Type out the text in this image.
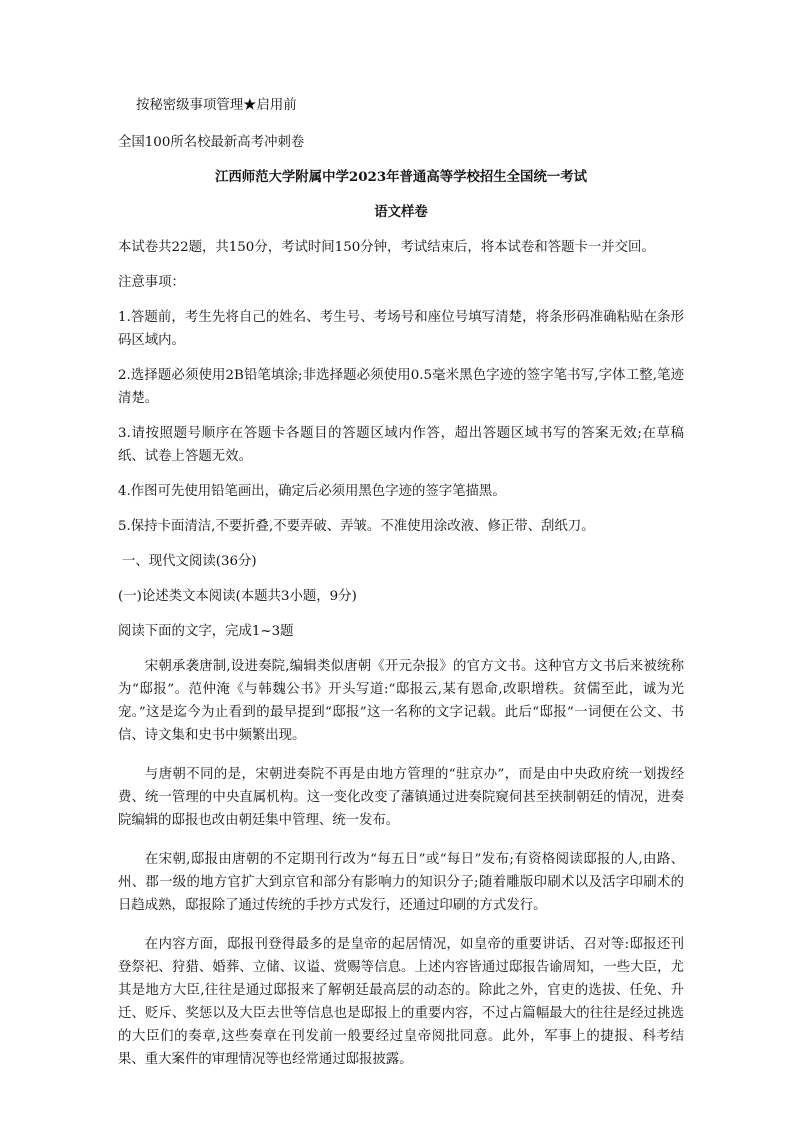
按秘密级事项管理★启用前

全国100所名校最新高考冲刺卷

江西师范大学附属中学2023年普通高等学校招生全国统一考试

语文样卷

本试卷共22题，共150分，考试时间150分钟，考试结束后，将本试卷和答题卡一并交回。

注意事项：

1.答题前，考生先将自己的姓名、考生号、考场号和座位号填写清楚，将条形码准确粘贴在条形码区域内。

2.选择题必须使用2B铅笔填涂;非选择题必须使用0.5毫米黑色字迹的签字笔书写,字体工整,笔迹清楚。

3.请按照题号顺序在答题卡各题目的答题区域内作答，超出答题区域书写的答案无效;在草稿纸、试卷上答题无效。

4.作图可先使用铅笔画出，确定后必须用黑色字迹的签字笔描黑。

5.保持卡面清洁,不要折叠,不要弄破、弄皱。不准使用涂改液、修正带、刮纸刀。

一、现代文阅读(36分)

(一)论述类文本阅读(本题共3小题，9分)

阅读下面的文字，完成1~3题

宋朝承袭唐制,设进奏院,编辑类似唐朝《开元杂报》的官方文书。这种官方文书后来被统称为“邸报”。范仲淹《与韩魏公书》开头写道:“邸报云,某有恩命,改职增秩。贫儒至此，诚为光宠。”这是迄今为止看到的最早提到“邸报”这一名称的文字记载。此后“邸报”一词便在公文、书信、诗文集和史书中频繁出现。

与唐朝不同的是，宋朝进奏院不再是由地方管理的“驻京办”，而是由中央政府统一划拨经费、统一管理的中央直属机构。这一变化改变了藩镇通过进奏院窥伺甚至挟制朝廷的情况，进奏院编辑的邸报也改由朝廷集中管理、统一发布。

在宋朝,邸报由唐朝的不定期刊行改为“每五日”或“每日”发布;有资格阅读邸报的人,由路、州、郡一级的地方官扩大到京官和部分有影响力的知识分子;随着雕版印刷术以及活字印刷术的日趋成熟，邸报除了通过传统的手抄方式发行，还通过印刷的方式发行。

在内容方面，邸报刊登得最多的是皇帝的起居情况，如皇帝的重要讲话、召对等:邸报还刊登祭祀、狩猎、婚葬、立储、议谥、赏赐等信息。上述内容皆通过邸报告谕周知，一些大臣，尤其是地方大臣,往往是通过邸报来了解朝廷最高层的动态的。除此之外，官吏的选拔、任免、升迁、贬斥、奖惩以及大臣去世等信息也是邸报上的重要内容，不过占篇幅最大的往往是经过挑选的大臣们的奏章,这些奏章在刊发前一般要经过皇帝阅批同意。此外，军事上的捷报、科考结果、重大案件的审理情况等也经常通过邸报披露。
